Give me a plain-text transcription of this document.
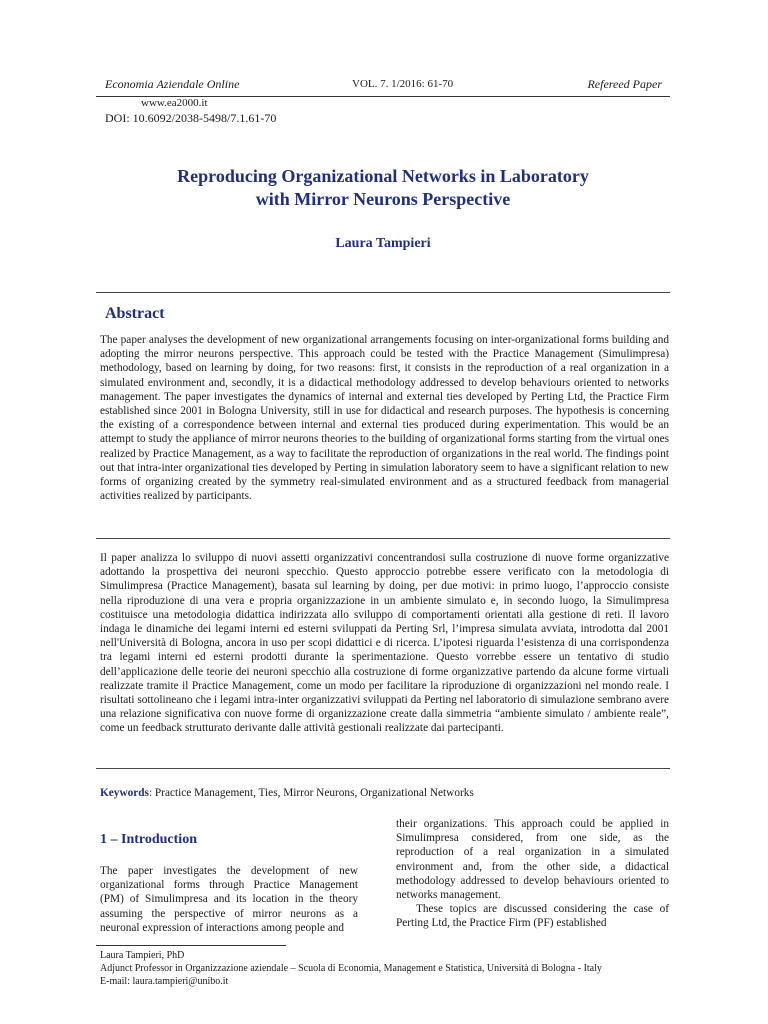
Economia Aziendale Online	VOL. 7. 1/2016: 61-70	Refereed Paper
www.ea2000.it
DOI: 10.6092/2038-5498/7.1.61-70
Reproducing Organizational Networks in Laboratory
with Mirror Neurons Perspective
Laura Tampieri
Abstract
The paper analyses the development of new organizational arrangements focusing on inter-organizational forms building and adopting the mirror neurons perspective. This approach could be tested with the Practice Management (Simulimpresa) methodology, based on learning by doing, for two reasons: first, it consists in the reproduction of a real organization in a simulated environment and, secondly, it is a didactical methodology addressed to develop behaviours oriented to networks management. The paper investigates the dynamics of internal and external ties developed by Perting Ltd, the Practice Firm established since 2001 in Bologna University, still in use for didactical and research purposes. The hypothesis is concerning the existing of a correspondence between internal and external ties produced during experimentation. This would be an attempt to study the appliance of mirror neurons theories to the building of organizational forms starting from the virtual ones realized by Practice Management, as a way to facilitate the reproduction of organizations in the real world. The findings point out that intra-inter organizational ties developed by Perting in simulation laboratory seem to have a significant relation to new forms of organizing created by the symmetry real-simulated environment and as a structured feedback from managerial activities realized by participants.
Il paper analizza lo sviluppo di nuovi assetti organizzativi concentrandosi sulla costruzione di nuove forme organizzative adottando la prospettiva dei neuroni specchio. Questo approccio potrebbe essere verificato con la metodologia di Simulimpresa (Practice Management), basata sul learning by doing, per due motivi: in primo luogo, l’approccio consiste nella riproduzione di una vera e propria organizzazione in un ambiente simulato e, in secondo luogo, la Simulimpresa costituisce una metodologia didattica indirizzata allo sviluppo di comportamenti orientati alla gestione di reti. Il lavoro indaga le dinamiche dei legami interni ed esterni sviluppati da Perting Srl, l’impresa simulata avviata, introdotta dal 2001 nell'Università di Bologna, ancora in uso per scopi didattici e di ricerca. L’ipotesi riguarda l’esistenza di una corrispondenza tra legami interni ed esterni prodotti durante la sperimentazione. Questo vorrebbe essere un tentativo di studio dell’applicazione delle teorie dei neuroni specchio alla costruzione di forme organizzative partendo da alcune forme virtuali realizzate tramite il Practice Management, come un modo per facilitare la riproduzione di organizzazioni nel mondo reale. I risultati sottolineano che i legami intra-inter organizzativi sviluppati da Perting nel laboratorio di simulazione sembrano avere una relazione significativa con nuove forme di organizzazione create dalla simmetria “ambiente simulato / ambiente reale”, come un feedback strutturato derivante dalle attività gestionali realizzate dai partecipanti.
Keywords: Practice Management, Ties, Mirror Neurons, Organizational Networks
1 – Introduction
The paper investigates the development of new organizational forms through Practice Management (PM) of Simulimpresa and its location in the theory assuming the perspective of mirror neurons as a neuronal expression of interactions among people and

their organizations. This approach could be applied in Simulimpresa considered, from one side, as the reproduction of a real organization in a simulated environment and, from the other side, a didactical methodology addressed to develop behaviours oriented to networks management.

These topics are discussed considering the case of Perting Ltd, the Practice Firm (PF) established

Laura Tampieri, PhD
Adjunct Professor in Organizzazione aziendale – Scuola di Economia, Management e Statistica, Università di Bologna - Italy
E-mail: laura.tampieri@unibo.it
